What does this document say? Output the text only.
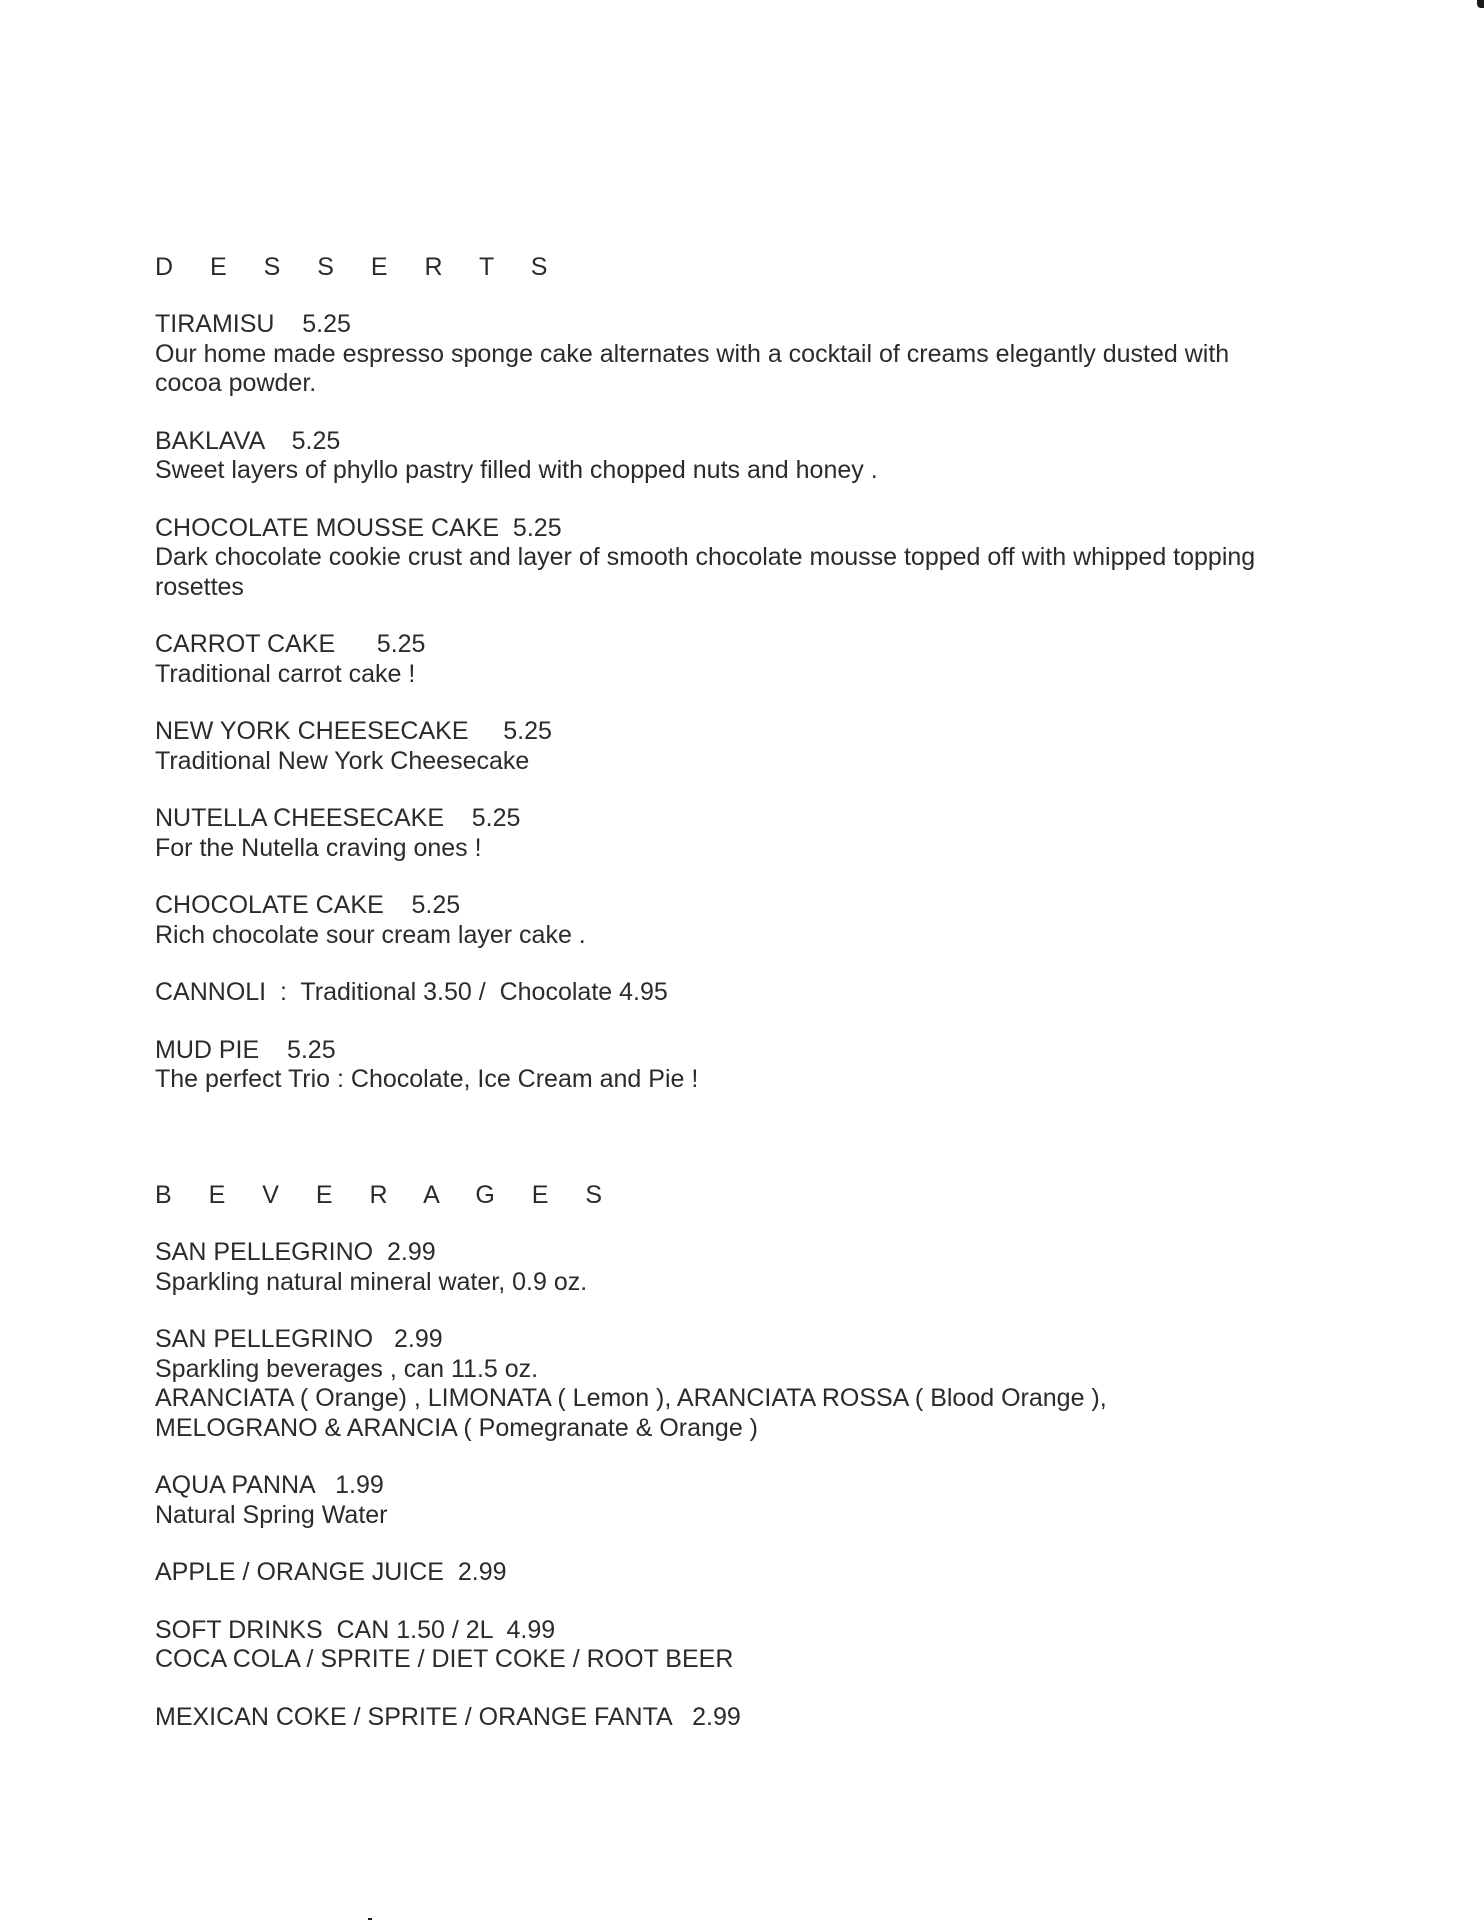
D E S S E R T S
TIRAMISU    5.25
Our home made espresso sponge cake alternates with a cocktail of creams elegantly dusted with cocoa powder.
BAKLAVA    5.25
Sweet layers of phyllo pastry filled with chopped nuts and honey .
CHOCOLATE MOUSSE CAKE  5.25
Dark chocolate cookie crust and layer of smooth chocolate mousse topped off with whipped topping rosettes
CARROT CAKE      5.25
Traditional carrot cake !
NEW YORK CHEESECAKE     5.25
Traditional New York Cheesecake
NUTELLA CHEESECAKE    5.25
For the Nutella craving ones !
CHOCOLATE CAKE    5.25
Rich chocolate sour cream layer cake .
CANNOLI  :  Traditional 3.50 /  Chocolate 4.95
MUD PIE    5.25
The perfect Trio : Chocolate, Ice Cream and Pie !
B E V E R A G E S
SAN PELLEGRINO  2.99
Sparkling natural mineral water, 0.9 oz.
SAN PELLEGRINO   2.99
Sparkling beverages , can 11.5 oz.
ARANCIATA ( Orange) , LIMONATA ( Lemon ), ARANCIATA ROSSA ( Blood Orange ),
MELOGRANO & ARANCIA ( Pomegranate & Orange )
AQUA PANNA   1.99
Natural Spring Water
APPLE / ORANGE JUICE  2.99
SOFT DRINKS  CAN 1.50 / 2L  4.99
COCA COLA / SPRITE / DIET COKE / ROOT BEER
MEXICAN COKE / SPRITE / ORANGE FANTA   2.99
